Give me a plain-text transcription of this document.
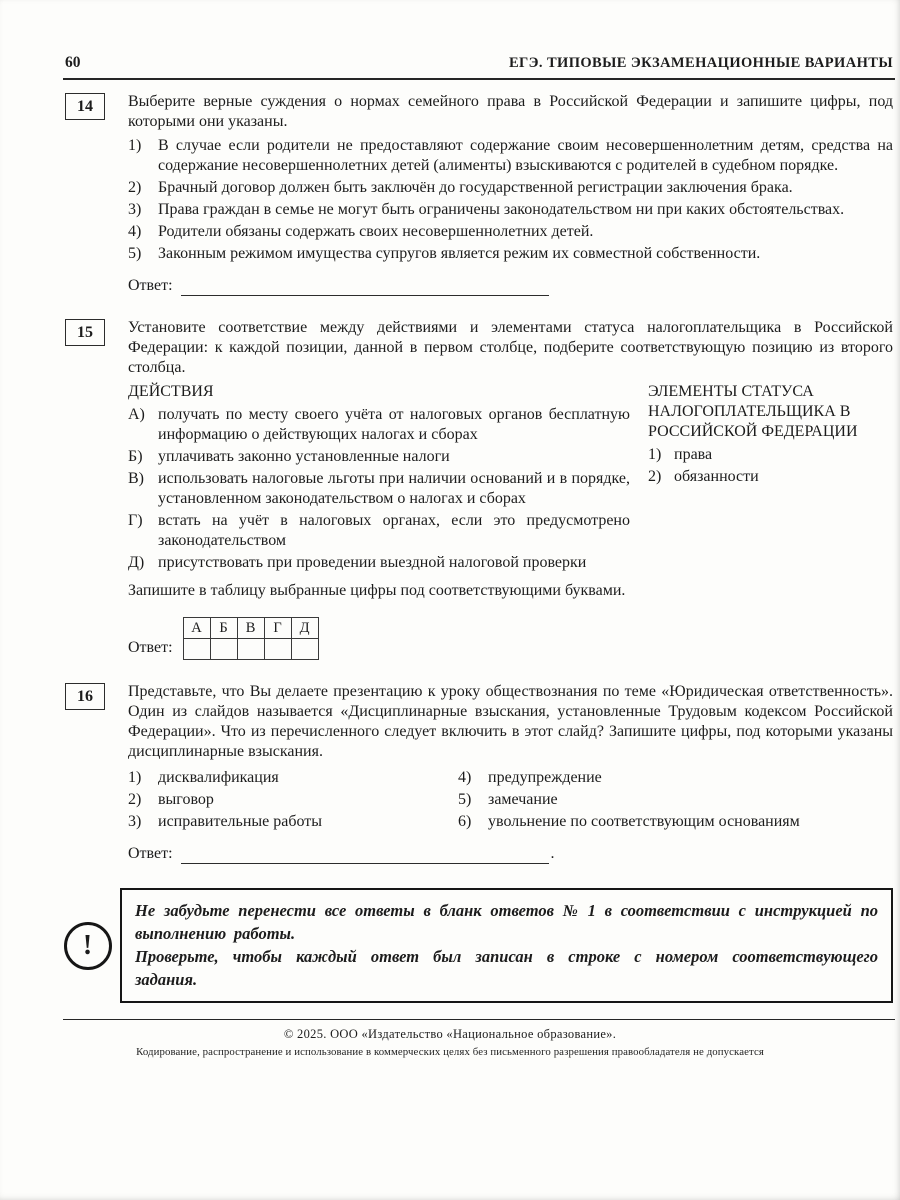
60	ЕГЭ. ТИПОВЫЕ ЭКЗАМЕНАЦИОННЫЕ ВАРИАНТЫ
14	Выберите верные суждения о нормах семейного права в Российской Федерации и запишите цифры, под которыми они указаны.

1)	В случае если родители не предоставляют содержание своим несовершеннолетним детям, средства на содержание несовершеннолетних детей (алименты) взыскиваются с родителей в судебном порядке.
2)	Брачный договор должен быть заключён до государственной регистрации заключения брака.
3)	Права граждан в семье не могут быть ограничены законодательством ни при каких обстоятельствах.
4)	Родители обязаны содержать своих несовершеннолетних детей.
5)	Законным режимом имущества супругов является режим их совместной собственности.
Ответ:
15	Установите соответствие между действиями и элементами статуса налогоплательщика в Российской Федерации: к каждой позиции, данной в первом столбце, подберите соответствующую позицию из второго столбца.

ДЕЙСТВИЯ

А) получать по месту своего учёта от налоговых органов бесплатную информацию о действующих налогах и сборах
Б) уплачивать законно установленные налоги
В) использовать налоговые льготы при наличии оснований и в порядке, установленном законодательством о налогах и сборах
Г) встать на учёт в налоговых органах, если это предусмотрено законодательством
Д) присутствовать при проведении выездной налоговой проверки

ЭЛЕМЕНТЫ СТАТУСА НАЛОГОПЛАТЕЛЬЩИКА В РОССИЙСКОЙ ФЕДЕРАЦИИ

1) права
2) обязанности

Запишите в таблицу выбранные цифры под соответствующими буквами.

Ответ:
А	Б	В	Г	Д

16	Представьте, что Вы делаете презентацию к уроку обществознания по теме «Юридическая ответственность». Один из слайдов называется «Дисциплинарные взыскания, установленные Трудовым кодексом Российской Федерации». Что из перечисленного следует включить в этот слайд? Запишите цифры, под которыми указаны дисциплинарные взыскания.

1)	дисквалификация
2)	выговор
3)	исправительные работы
4)	предупреждение
5)	замечание
6)	увольнение по соответствующим основаниям
Ответ:	.
!

Не забудьте перенести все ответы в бланк ответов № 1 в соответствии с инструкцией по выполнению работы.

Проверьте, чтобы каждый ответ был записан в строке с номером соответствующего задания.

© 2025. ООО «Издательство «Национальное образование».
Кодирование, распространение и использование в коммерческих целях без письменного разрешения правообладателя не допускается
